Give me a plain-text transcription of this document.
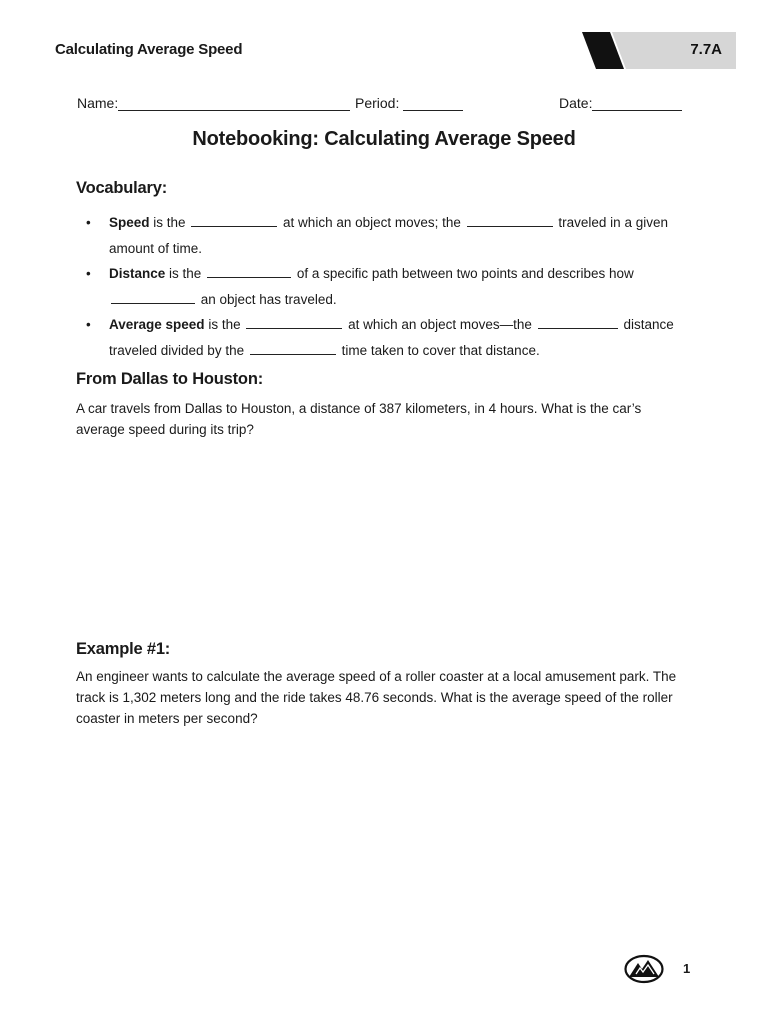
Calculating Average Speed	7.7A
Name:	Period:	Date:
Notebooking: Calculating Average Speed
Vocabulary:
• Speed is the	at which an object moves; the	traveled in a given amount of time.
• Distance is the	of a specific path between two points and describes how  an object has traveled.
• Average speed is the	at which an object moves—the	distance traveled divided by the	time taken to cover that distance.
From Dallas to Houston:
A car travels from Dallas to Houston, a distance of 387 kilometers, in 4 hours. What is the car’s average speed during its trip?
Example #1:
An engineer wants to calculate the average speed of a roller coaster at a local amusement park. The track is 1,302 meters long and the ride takes 48.76 seconds. What is the average speed of the roller coaster in meters per second?
1
